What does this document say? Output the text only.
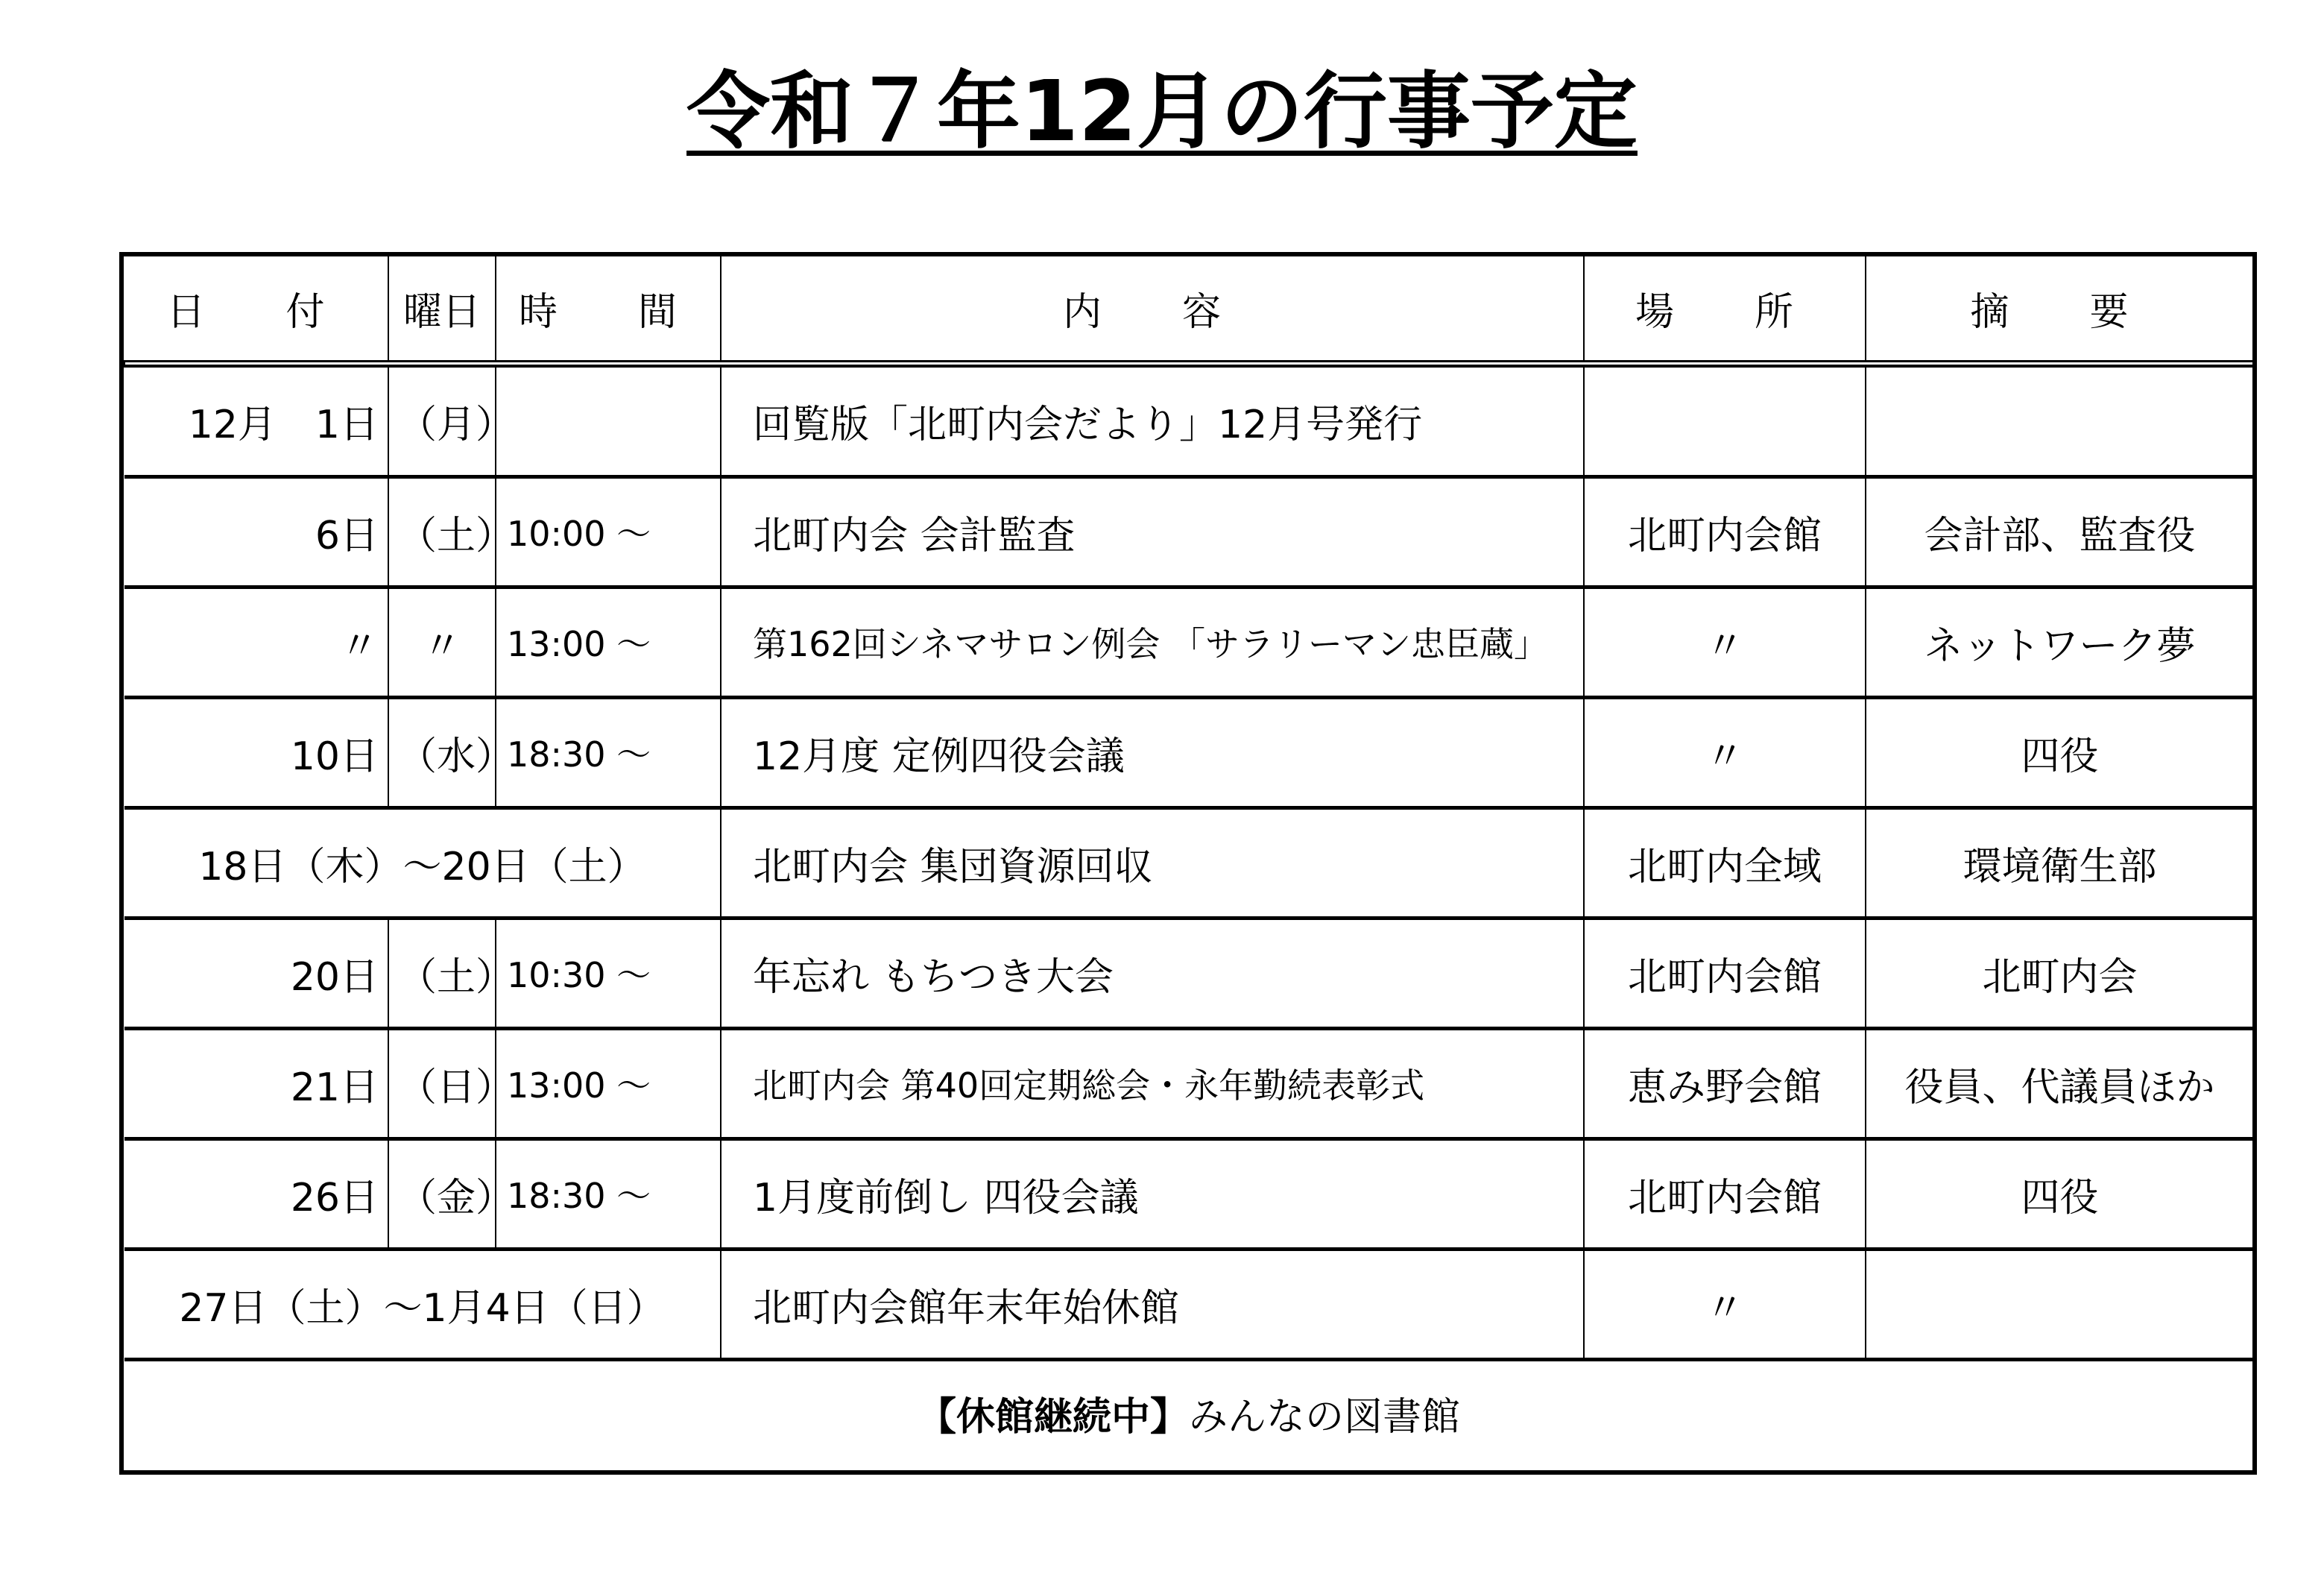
令和７年12月の行事予定
日　付	曜日	時　間	内　容	場　所	摘　要

12月　1日	（月）		回覧版「北町内会だより」12月号発行		
6日	（土）	10:00 ～	北町内会 会計監査	北町内会館	会計部、監査役
〃	〃	13:00 ～	第162回シネマサロン例会 「サラリーマン忠臣蔵」	〃	ネットワーク夢
10日	（水）	18:30 ～	12月度 定例四役会議	〃	四役
18日（木）～20日（土）			北町内会 集団資源回収	北町内全域	環境衛生部
20日	（土）	10:30 ～	年忘れ もちつき大会	北町内会館	北町内会
21日	（日）	13:00 ～	北町内会 第40回定期総会・永年勤続表彰式	恵み野会館	役員、代議員ほか
26日	（金）	18:30 ～	1月度前倒し 四役会議	北町内会館	四役
27日（土）～1月4日（日）			北町内会館年末年始休館	〃	
【休館継続中】みんなの図書館					
